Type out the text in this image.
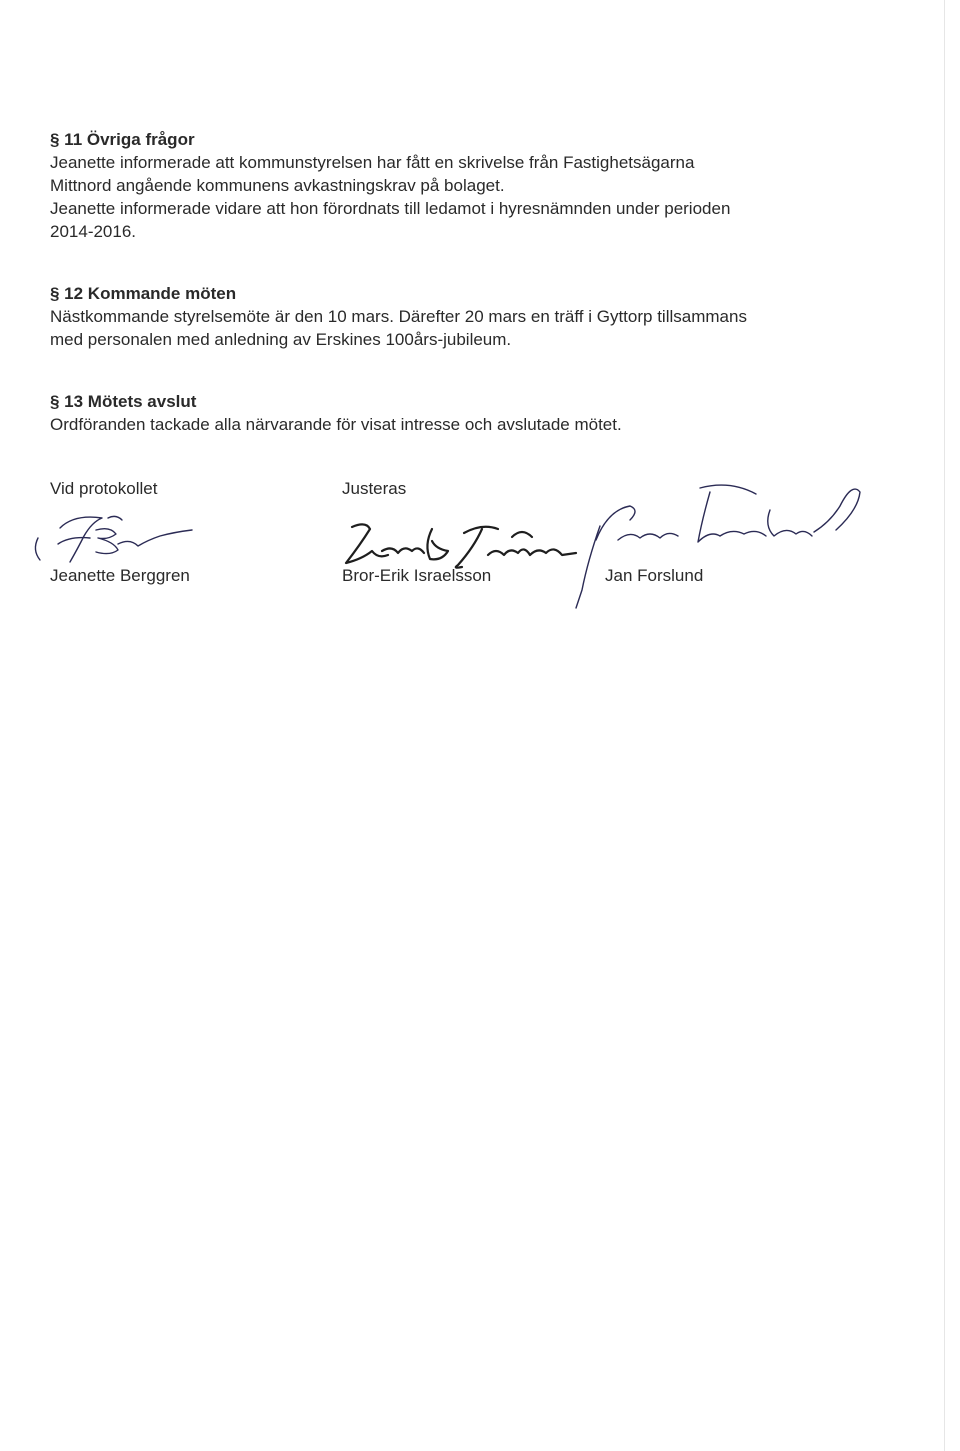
§ 11 Övriga frågor

Jeanette informerade att kommunstyrelsen har fått en skrivelse från Fastighetsägarna

Mittnord angående kommunens avkastningskrav på bolaget.

Jeanette informerade vidare att hon förordnats till ledamot i hyresnämnden under perioden

2014-2016.

§ 12 Kommande möten

Nästkommande styrelsemöte är den 10 mars. Därefter 20 mars en träff i Gyttorp tillsammans

med personalen med anledning av Erskines 100års-jubileum.

§ 13 Mötets avslut

Ordföranden tackade alla närvarande för visat intresse och avslutade mötet.

Vid protokollet	Justeras
Jeanette Berggren	Bror-Erik Israelsson	Jan Forslund
